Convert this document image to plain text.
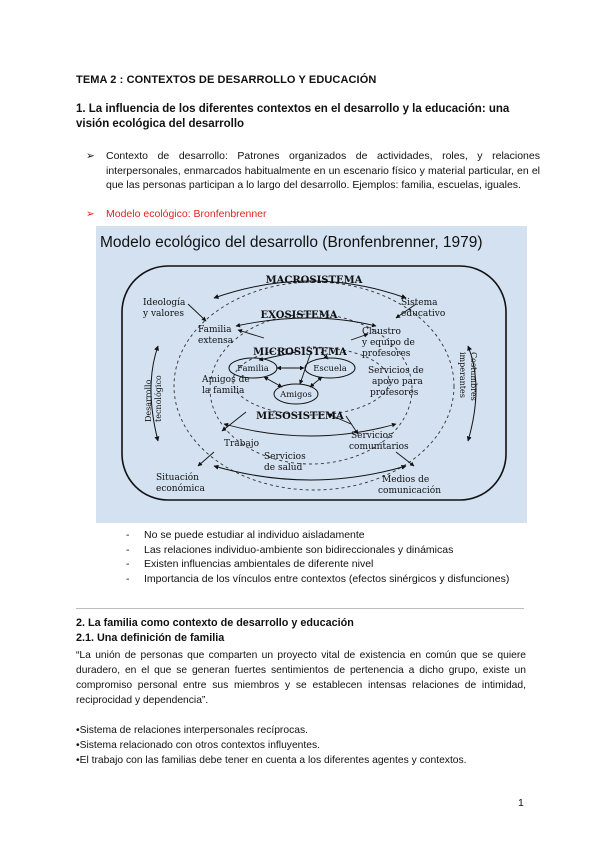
TEMA 2 : CONTEXTOS DE DESARROLLO Y EDUCACIÓN
1. La influencia de los diferentes contextos en el desarrollo y la educación: una visión ecológica del desarrollo
➢ Contexto de desarrollo: Patrones organizados de actividades, roles, y relaciones interpersonales, enmarcados habitualmente en un escenario físico y material particular, en el que las personas participan a lo largo del desarrollo. Ejemplos: familia, escuelas, iguales.
➢ Modelo ecológico: Bronfenbrenner
Modelo ecológico del desarrollo (Bronfenbrenner, 1979)
MACROSISTEMA
EXOSISTEMA
MICROSISTEMA
MESOSISTEMA
Ideología
y valores
Sistema
educativo
Familia
extensa
Claustro
y equipo de
profesores
Familia	Escuela
Amigos
Amigos de
la familia
Servicios de
apoyo para
profesores
Desarrollo tecnológico	Costumbres
imperantes
Trabajo
Servicios
comunitarios
Servicios
de salud
Situación
económica
Medios de
comunicación
- No se puede estudiar al individuo aisladamente
- Las relaciones individuo-ambiente son bidireccionales y dinámicas
- Existen influencias ambientales de diferente nivel
- Importancia de los vínculos entre contextos (efectos sinérgicos y disfunciones)
2. La familia como contexto de desarrollo y educación
2.1. Una definición de familia
“La unión de personas que comparten un proyecto vital de existencia en común que se quiere duradero, en el que se generan fuertes sentimientos de pertenencia a dicho grupo, existe un compromiso personal entre sus miembros y se establecen intensas relaciones de intimidad, reciprocidad y dependencia”.
•Sistema de relaciones interpersonales recíprocas.
•Sistema relacionado con otros contextos influyentes.
•El trabajo con las familias debe tener en cuenta a los diferentes agentes y contextos.
1
